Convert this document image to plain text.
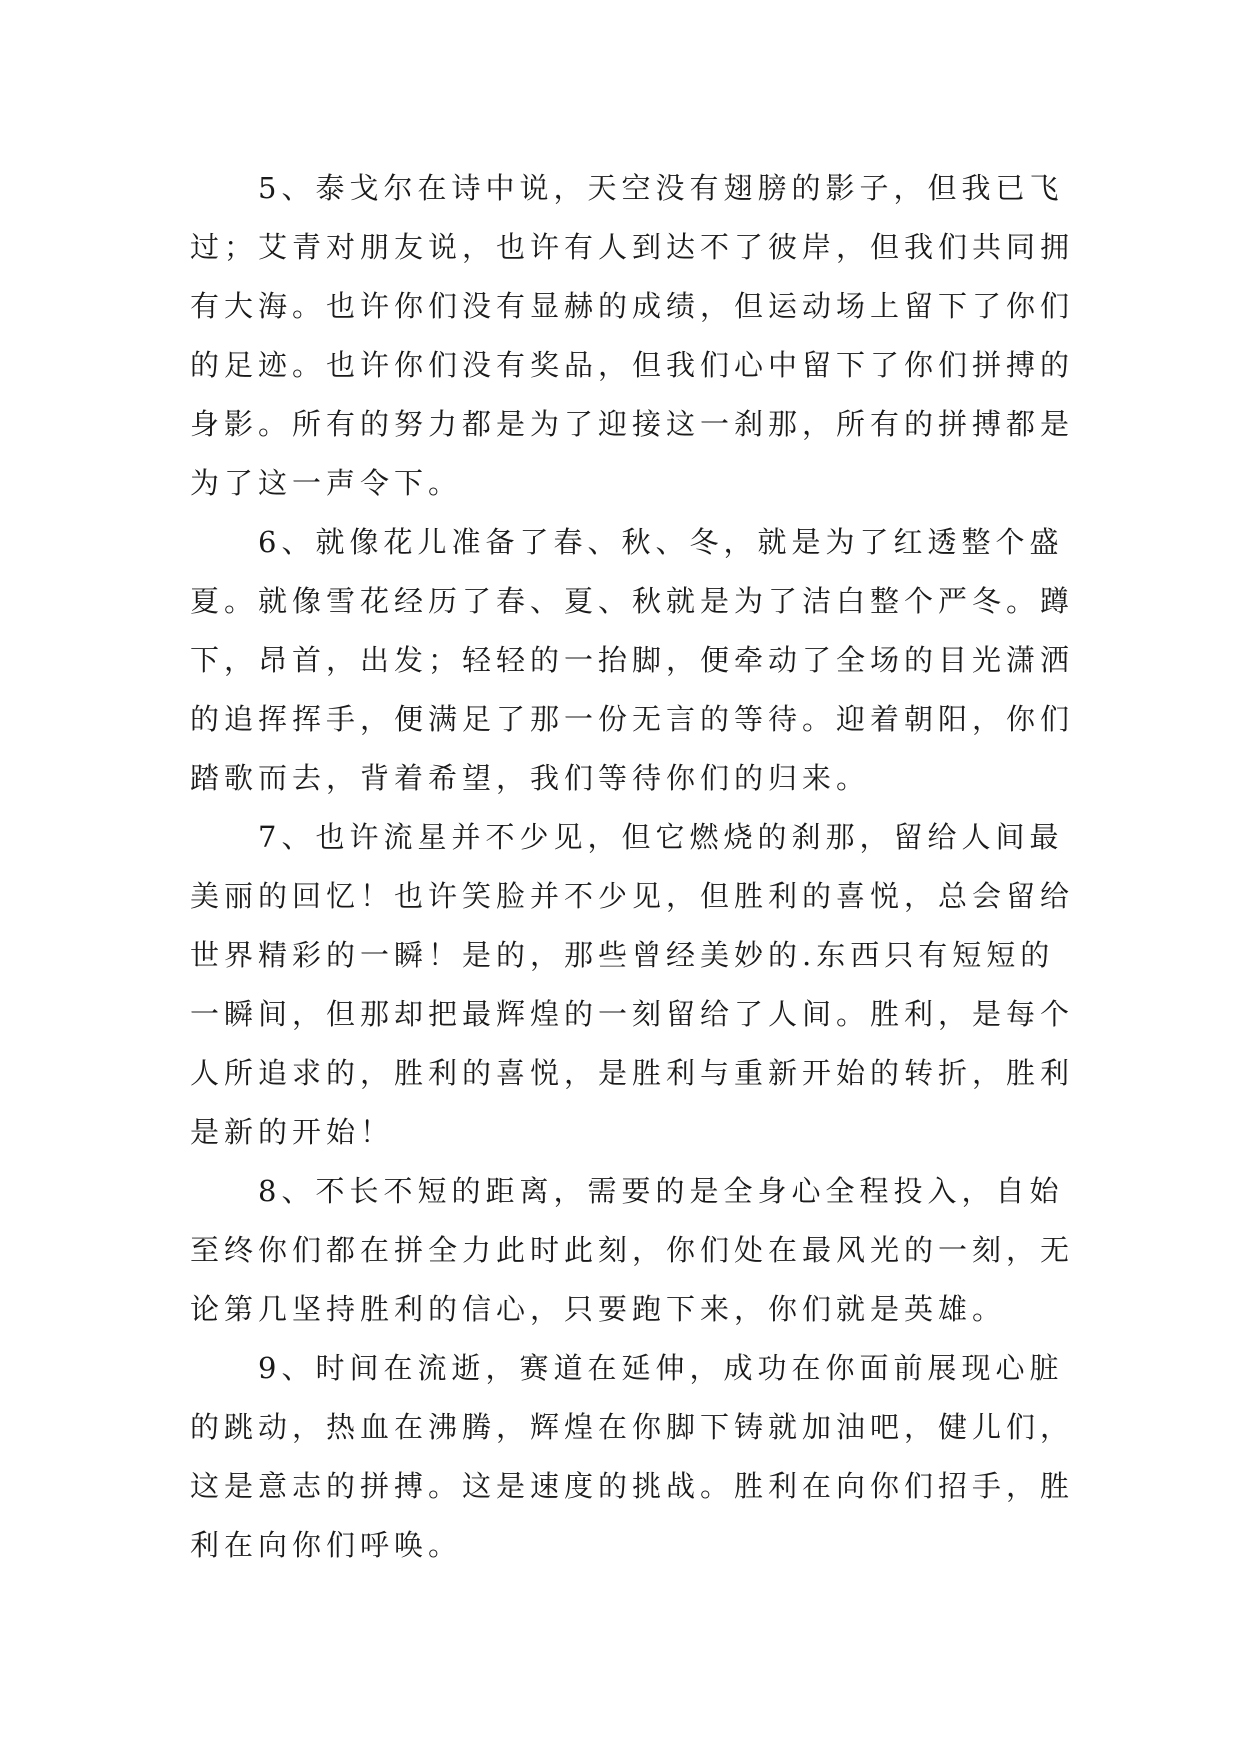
5、泰戈尔在诗中说，天空没有翅膀的影子，但我已飞
过；艾青对朋友说，也许有人到达不了彼岸，但我们共同拥
有大海。也许你们没有显赫的成绩，但运动场上留下了你们
的足迹。也许你们没有奖品，但我们心中留下了你们拼搏的
身影。所有的努力都是为了迎接这一刹那，所有的拼搏都是
为了这一声令下。
6、就像花儿准备了春、秋、冬，就是为了红透整个盛
夏。就像雪花经历了春、夏、秋就是为了洁白整个严冬。蹲
下，昂首，出发；轻轻的一抬脚，便牵动了全场的目光潇洒
的追挥挥手，便满足了那一份无言的等待。迎着朝阳，你们
踏歌而去，背着希望，我们等待你们的归来。
7、也许流星并不少见，但它燃烧的刹那，留给人间最
美丽的回忆！也许笑脸并不少见，但胜利的喜悦，总会留给
世界精彩的一瞬！是的，那些曾经美妙的.东西只有短短的
一瞬间，但那却把最辉煌的一刻留给了人间。胜利，是每个
人所追求的，胜利的喜悦，是胜利与重新开始的转折，胜利
是新的开始！
8、不长不短的距离，需要的是全身心全程投入，自始
至终你们都在拼全力此时此刻，你们处在最风光的一刻，无
论第几坚持胜利的信心，只要跑下来，你们就是英雄。
9、时间在流逝，赛道在延伸，成功在你面前展现心脏
的跳动，热血在沸腾，辉煌在你脚下铸就加油吧，健儿们，
这是意志的拼搏。这是速度的挑战。胜利在向你们招手，胜
利在向你们呼唤。
